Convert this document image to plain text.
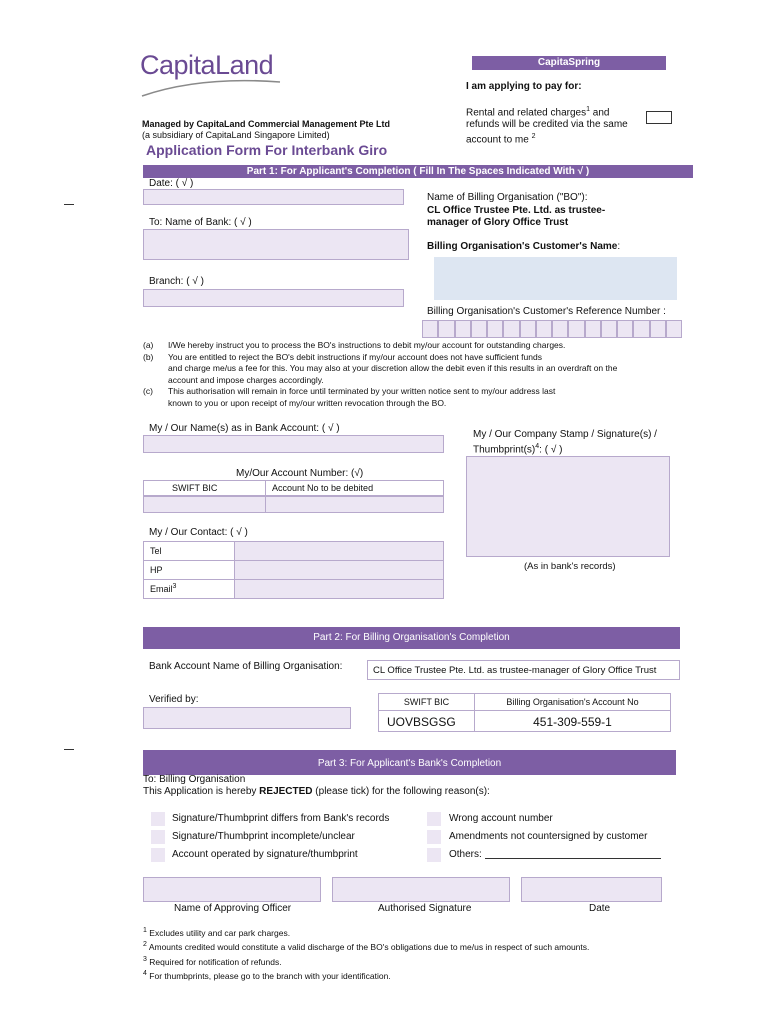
CapitaLand
Managed by CapitaLand Commercial Management Pte Ltd
(a subsidiary of CapitaLand Singapore Limited)
Application Form For Interbank Giro
CapitaSpring
I am applying to pay for:
Rental and related charges$^1$ and
refunds will be credited via the same
account to me $^2$
Part 1: For Applicant's Completion ( Fill In The Spaces Indicated With √ )
Date: ( √ )
To: Name of Bank: ( √ )
Branch: ( √ )
Name of Billing Organisation ("BO"):
CL Office Trustee Pte. Ltd. as trustee-
manager of Glory Office Trust
Billing Organisation's Customer's Name:
Billing Organisation's Customer's Reference Number :
(a) I/We hereby instruct you to process the BO's instructions to debit my/our account for outstanding charges.
(b) You are entitled to reject the BO's debit instructions if my/our account does not have sufficient funds
and charge me/us a fee for this. You may also at your discretion allow the debit even if this results in an overdraft on the
account and impose charges accordingly.
(c) This authorisation will remain in force until terminated by your written notice sent to my/our address last
known to you or upon receipt of my/our written revocation through the BO.
My / Our Name(s) as in Bank Account: ( √ )
My / Our Company Stamp / Signature(s) /
$Thumbprint(s)^4$: ( √ )
(As in bank's records)
My/Our Account Number: (√)
SWIFT BIC	Account No to be debited
My / Our Contact: ( √ )
Tel
HP
Email$^3$
Part 2: For Billing Organisation's Completion
Bank Account Name of Billing Organisation:	CL Office Trustee Pte. Ltd. as trustee-manager of Glory Office Trust
Verified by:	SWIFT BIC	Billing Organisation's Account No
UOVBSGSG	451-309-559-1
Part 3: For Applicant's Bank's Completion
To: Billing Organisation
This Application is hereby REJECTED (please tick) for the following reason(s):
Signature/Thumbprint differs from Bank's records
Signature/Thumbprint incomplete/unclear
Account operated by signature/thumbprint
Wrong account number
Amendments not countersigned by customer
Others:
Name of Approving Officer	Authorised Signature	Date
$^1$ Excludes utility and car park charges.
$^2$ Amounts credited would constitute a valid discharge of the BO's obligations due to me/us in respect of such amounts.
$^3$ Required for notification of refunds.
$^4$ For thumbprints, please go to the branch with your identification.
